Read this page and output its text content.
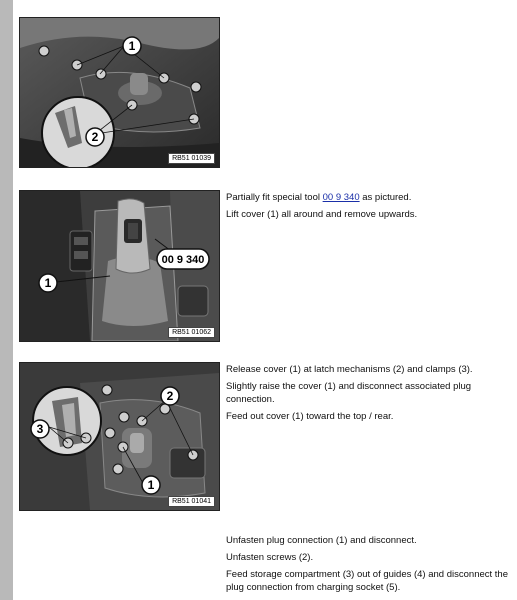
1
2
RB51 01039
1
00 9 340
RB51 01062
2
3
1
RB51 01041

Partially fit special tool 00 9 340 as pictured.

Lift cover (1) all around and remove upwards.

Release cover (1) at latch mechanisms (2) and clamps (3).

Slightly raise the cover (1) and disconnect associated plug connection.

Feed out cover (1) toward the top / rear.

Unfasten plug connection (1) and disconnect.

Unfasten screws (2).

Feed storage compartment (3) out of guides (4) and disconnect the plug connection from charging socket (5).
